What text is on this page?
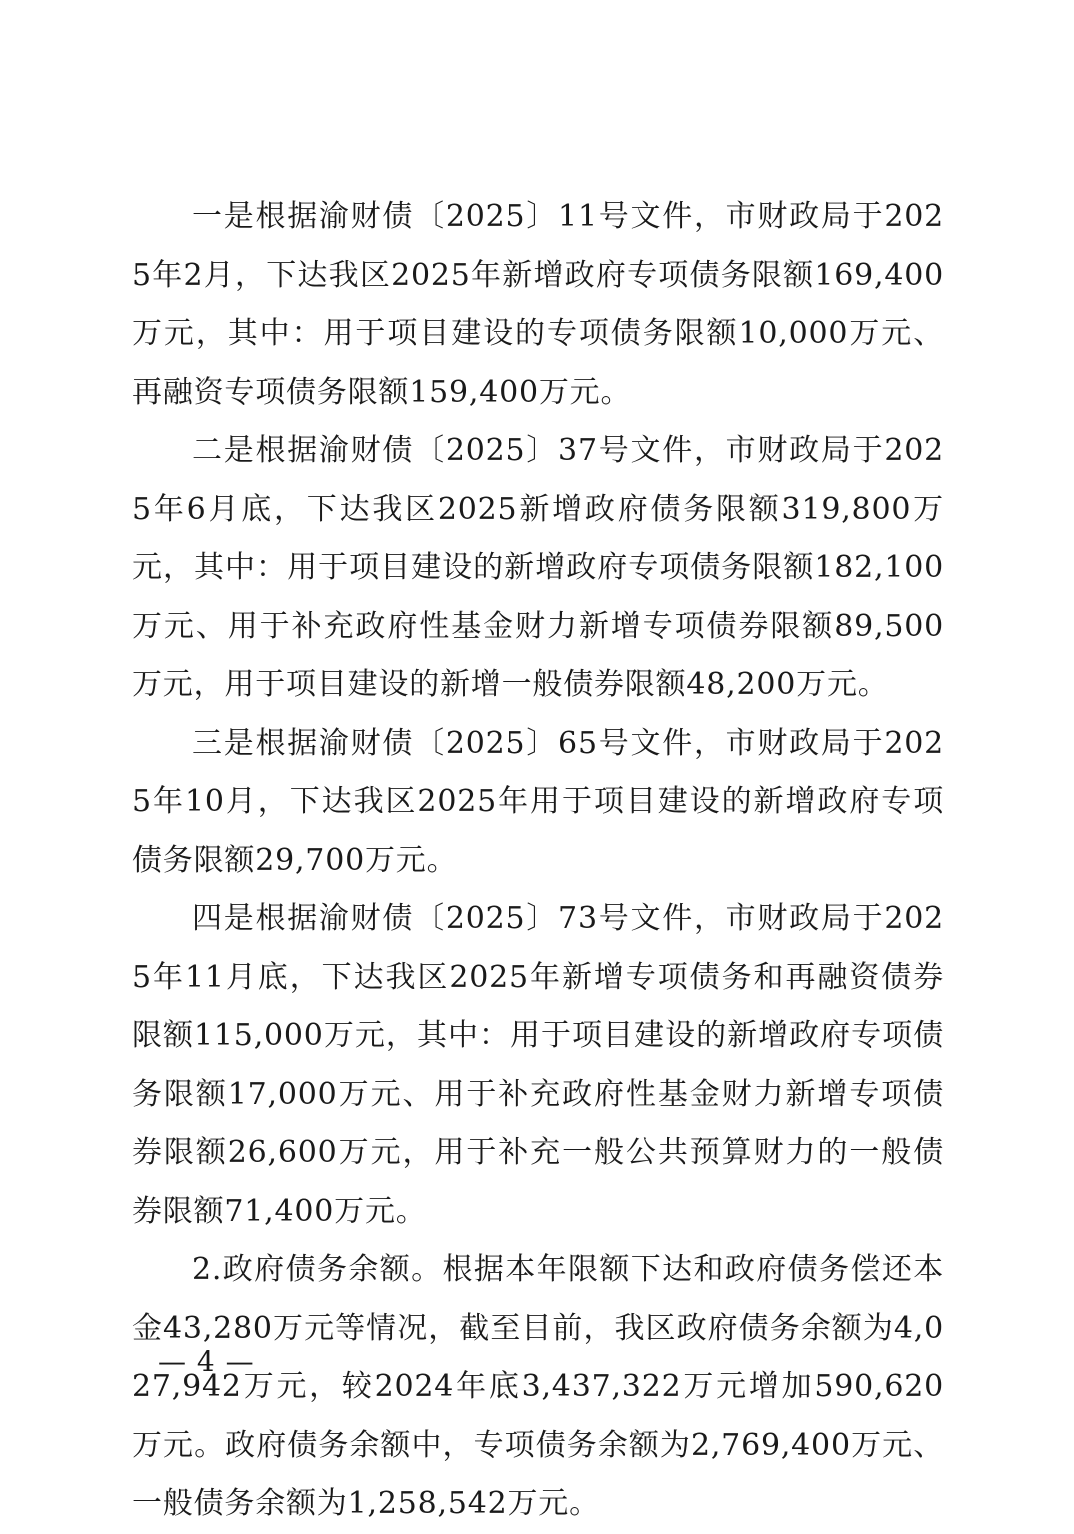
一是根据渝财债〔2025〕11号文件，市财政局于2025年2月，下达我区2025年新增政府专项债务限额169,400万元，其中：用于项目建设的专项债务限额10,000万元、再融资专项债务限额159,400万元。

二是根据渝财债〔2025〕37号文件，市财政局于2025年6月底，下达我区2025新增政府债务限额319,800万元，其中：用于项目建设的新增政府专项债务限额182,100万元、用于补充政府性基金财力新增专项债券限额89,500万元，用于项目建设的新增一般债券限额48,200万元。

三是根据渝财债〔2025〕65号文件，市财政局于2025年10月，下达我区2025年用于项目建设的新增政府专项债务限额29,700万元。

四是根据渝财债〔2025〕73号文件，市财政局于2025年11月底，下达我区2025年新增专项债务和再融资债券限额115,000万元，其中：用于项目建设的新增政府专项债务限额17,000万元、用于补充政府性基金财力新增专项债券限额26,600万元，用于补充一般公共预算财力的一般债券限额71,400万元。

2.政府债务余额。根据本年限额下达和政府债务偿还本金43,280万元等情况，截至目前，我区政府债务余额为4,027,942万元，较2024年底3,437,322万元增加590,620万元。政府债务余额中，专项债务余额为2,769,400万元、一般债务余额为1,258,542万元。

— 4 —
